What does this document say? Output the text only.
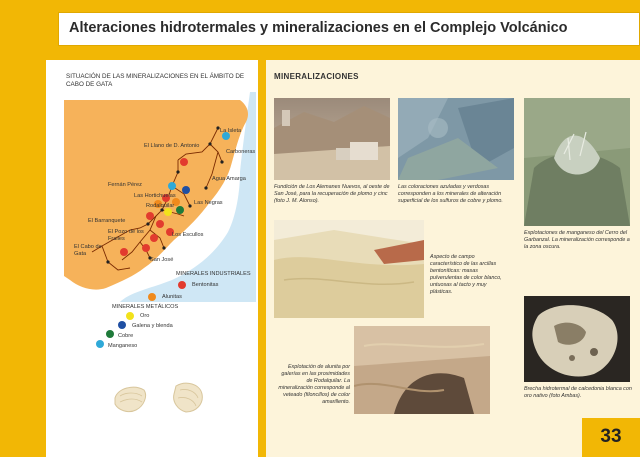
Alteraciones hidrotermales y mineralizaciones en el Complejo Volcánico
SITUACIÓN DE LAS MINERALIZACIONES EN EL ÁMBITO DE CABO DE GATA
MINERALIZACIONES
La Isleta
El Llano de D. Antonio
Carboneras
Agua Amarga
Fernán Pérez
Las Hortichuelas
Rodalquilar	Las Negras
El Barranquete
El Pozo de los Frailes
Los Escullos
El Cabo de Gata
San José
MINERALES INDUSTRIALES
Bentonitas
Alunitas
MINERALES METÁLICOS
Oro
Galena y blenda
Cobre
Manganeso
Fundición de Los Alemanes Nuevos, al oeste de San José, para la recuperación de plomo y cinc (foto J. M. Alonso).
Las coloraciones azuladas y verdosas corresponden a los minerales de alteración superficial de los sulfuros de cobre y plomo.
Explotaciones de manganeso del Cerro del Garbanzal. La mineralización corresponde a la zona oscura.
Aspecto de campo característico de las arcillas bentoníticas: masas pulverulentas de color blanco, untuosas al tacto y muy plásticas.
Explotación de alunita por galerías en las proximidades de Rodalquilar. La mineralización corresponde al veteado (filoncillos) de color amarillento.
Brecha hidrotermal de calcedonia blanca con oro nativo (foto Ambas).
33
